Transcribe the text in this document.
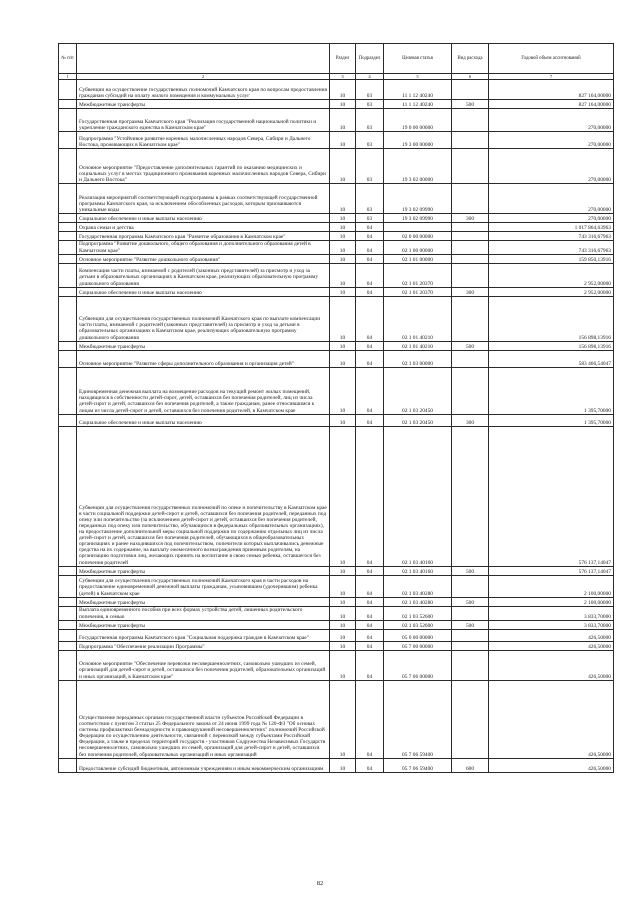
№ п/п		Раздел	Подраздел	Целевая статья	Вид расхода	Годовой объем ассигнований
1	2	3	4	5	6	7
	Субвенции на осуществление государственных полномочий Камчатского края по вопросам предоставления гражданам субсидий на оплату жилого помещения и коммунальных услуг	10	03	11 1 12 40240		827 164,00000
	Межбюджетные трансферты	10	03	11 1 12 40240	500	827 164,00000
	Государственная программа Камчатского края "Реализация государственной национальной политики и укрепление гражданского единства в Камчатском крае"	10	03	19 0 00 00000		270,00000
	Подпрограмма "Устойчивое развитие коренных малочисленных народов Севера, Сибири и Дальнего Востока, проживающих в Камчатском крае"	10	03	19 3 00 00000		270,00000
	Основное мероприятие "Предоставление дополнительных гарантий по оказанию медицинских и социальных услуг в местах традиционного проживания коренных малочисленных народов Севера, Сибири и Дальнего Востока"	10	03	19 3 02 00000		270,00000
	Реализация мероприятий соответствующей подпрограммы в рамках соответствующей государственной программы Камчатского края, за исключением обособленных расходов, которым присваиваются уникальные коды	10	03	19 3 02 09990		270,00000
	Социальное обеспечение и иные выплаты населению	10	03	19 3 02 09990	300	270,00000
	Охрана семьи и детства	10	04			1 017 864,63963
	Государственная программа Камчатского края "Развитие образования в Камчатском крае"	10	04	02 0 00 00000		743 316,67963
	Подпрограмма "Развитие дошкольного, общего образования и дополнительного образования детей в Камчатском крае"	10	04	02 1 00 00000		743 316,67963
	Основное мероприятие "Развитие дошкольного образования"	10	04	02 1 01 00000		159 850,13916
	Компенсация части платы, взимаемой с родителей (законных представителей) за присмотр и уход за детьми в образовательных организациях в Камчатском крае, реализующих образовательную программу дошкольного образования	10	04	02 1 01 20370		2 952,00000
	Социальное обеспечение и иные выплаты населению	10	04	02 1 01 20370	300	2 952,00000
	Субвенции для осуществления государственных полномочий Камчатского края по выплате компенсации части платы, взимаемой с родителей (законных представителей) за присмотр и уход за детьми в образовательных организациях в Камчатском крае, реализующих образовательную программу дошкольного образования	10	04	02 1 01 40210		156 898,13916
	Межбюджетные трансферты	10	04	02 1 01 40210	500	156 898,13916
	Основное мероприятие "Развитие сферы дополнительного образования и организация детей"	10	04	02 1 03 00000		583 466,54047
	Единовременная денежная выплата на возмещение расходов на текущий ремонт жилых помещений, находящихся в собственности детей-сирот, детей, оставшихся без попечения родителей, лиц из числа детей-сирот и детей, оставшихся без попечения родителей, а также гражданам, ранее относившимся к лицам из числа детей-сирот и детей, оставшихся без попечения родителей, в Камчатском крае	10	04	02 1 03 20450		1 395,70000
	Социальное обеспечение и иные выплаты населению	10	04	02 1 03 20450	300	1 395,70000
	Субвенции для осуществления государственных полномочий по опеке и попечительству в Камчатском крае в части социальной поддержки детей-сирот и детей, оставшихся без попечения родителей, переданных под опеку или попечительство (за исключением детей-сирот и детей, оставшихся без попечения родителей, переданных под опеку или попечительство, обучающихся в федеральных образовательных организациях), на предоставление дополнительной меры социальной поддержки по содержанию отдельных лиц из числа детей-сирот и детей, оставшихся без попечения родителей, обучающихся в общеобразовательных организациях и ранее находившихся под попечительством, попечители которых выплачивались денежные средства на их содержание, на выплату ежемесячного вознаграждения приемным родителям, на организацию подготовки лиц, желающих принять на воспитание в свою семью ребенка, оставшегося без попечения родителей	10	04	02 1 03 40160		576 137,14047
	Межбюджетные трансферты	10	04	02 1 03 40160	500	576 137,14047
	Субвенции для осуществления государственных полномочий Камчатского края в части расходов на предоставление единовременной денежной выплаты гражданам, усыновившим (удочерившим) ребенка (детей) в Камчатском крае	10	04	02 1 03 40280		2 100,00000
	Межбюджетные трансферты	10	04	02 1 03 40280	500	2 100,00000
	Выплата единовременного пособия при всех формах устройства детей, лишенных родительского попечения, в семью	10	04	02 1 03 52600		3 833,70000
	Межбюджетные трансферты	10	04	02 1 03 52600	500	3 833,70000
	Государственная программа Камчатского края "Социальная поддержка граждан в Камчатском крае"	10	04	05 0 00 00000		426,50000
	Подпрограмма "Обеспечение реализации Программы"	10	04	05 7 00 00000		426,50000
	Основное мероприятие "Обеспечение перевозки несовершеннолетних, самовольно ушедших из семей, организаций для детей-сирот и детей, оставшихся без попечения родителей, образовательных организаций и иных организаций, в Камчатском крае"	10	04	05 7 06 00000		426,50000
	Осуществление переданных органам государственной власти субъектов Российской Федерации в соответствии с пунктом 3 статьи 25 Федерального закона от 24 июня 1999 года № 120-ФЗ "Об основах системы профилактики безнадзорности и правонарушений несовершеннолетних" полномочий Российской Федерации по осуществлению деятельности, связанной с перевозкой между субъектами Российской Федерации, а также в пределах территорий государств - участников Содружества Независимых Государств несовершеннолетних, самовольно ушедших из семей, организаций для детей-сирот и детей, оставшихся без попечения родителей, образовательных организаций и иных организаций	10	04	05 7 06 59400		426,50000
	Предоставление субсидий бюджетным, автономным учреждениям и иным некоммерческим организациям	10	04	05 7 06 59400	600	426,50000
82
